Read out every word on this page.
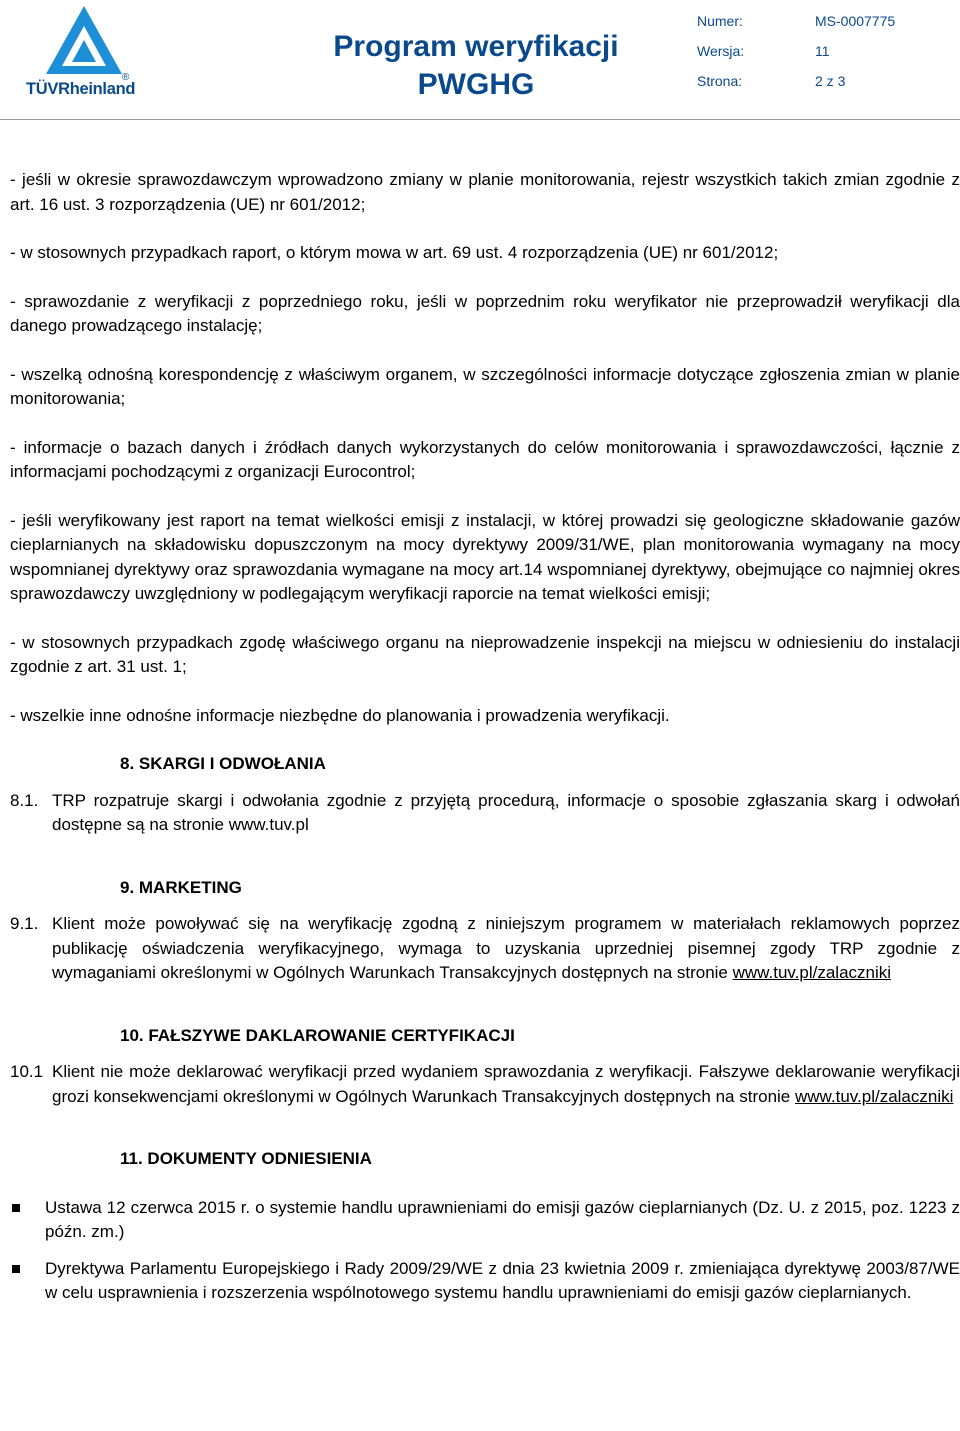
®
TÜVRheinland
Program weryfikacji
PWGHG
Numer:	MS-0007775
Wersja:	11
Strona:	2 z 3

- jeśli w okresie sprawozdawczym wprowadzono zmiany w planie monitorowania, rejestr wszystkich takich zmian zgodnie z art. 16 ust. 3 rozporządzenia (UE) nr 601/2012;

- w stosownych przypadkach raport, o którym mowa w art. 69 ust. 4 rozporządzenia (UE) nr 601/2012;

- sprawozdanie z weryfikacji z poprzedniego roku, jeśli w poprzednim roku weryfikator nie przeprowadził weryfikacji dla danego prowadzącego instalację;

- wszelką odnośną korespondencję z właściwym organem, w szczególności informacje dotyczące zgłoszenia zmian w planie monitorowania;

- informacje o bazach danych i źródłach danych wykorzystanych do celów monitorowania i sprawozdawczości, łącznie z informacjami pochodzącymi z organizacji Eurocontrol;

- jeśli weryfikowany jest raport na temat wielkości emisji z instalacji, w której prowadzi się geologiczne składowanie gazów cieplarnianych na składowisku dopuszczonym na mocy dyrektywy 2009/31/WE, plan monitorowania wymagany na mocy wspomnianej dyrektywy oraz sprawozdania wymagane na mocy art.14 wspomnianej dyrektywy, obejmujące co najmniej okres sprawozdawczy uwzględniony w podlegającym weryfikacji raporcie na temat wielkości emisji;

- w stosownych przypadkach zgodę właściwego organu na nieprowadzenie inspekcji na miejscu w odniesieniu do instalacji zgodnie z art. 31 ust. 1;

- wszelkie inne odnośne informacje niezbędne do planowania i prowadzenia weryfikacji.

8. SKARGI I ODWOŁANIA
8.1. TRP rozpatruje skargi i odwołania zgodnie z przyjętą procedurą, informacje o sposobie zgłaszania skarg i odwołań dostępne są na stronie www.tuv.pl
9. MARKETING
9.1. Klient może powoływać się na weryfikację zgodną z niniejszym programem w materiałach reklamowych poprzez publikację oświadczenia weryfikacyjnego, wymaga to uzyskania uprzedniej pisemnej zgody TRP zgodnie z wymaganiami określonymi w Ogólnych Warunkach Transakcyjnych dostępnych na stronie www.tuv.pl/zalaczniki
10. FAŁSZYWE DAKLAROWANIE CERTYFIKACJI
10.1 Klient nie może deklarować weryfikacji przed wydaniem sprawozdania z weryfikacji. Fałszywe deklarowanie weryfikacji grozi konsekwencjami określonymi w Ogólnych Warunkach Transakcyjnych dostępnych na stronie www.tuv.pl/zalaczniki
11. DOKUMENTY ODNIESIENIA
Ustawa 12 czerwca 2015 r. o systemie handlu uprawnieniami do emisji gazów cieplarnianych (Dz. U. z 2015, poz. 1223 z późn. zm.)
Dyrektywa Parlamentu Europejskiego i Rady 2009/29/WE z dnia 23 kwietnia 2009 r. zmieniająca dyrektywę 2003/87/WE w celu usprawnienia i rozszerzenia wspólnotowego systemu handlu uprawnieniami do emisji gazów cieplarnianych.
